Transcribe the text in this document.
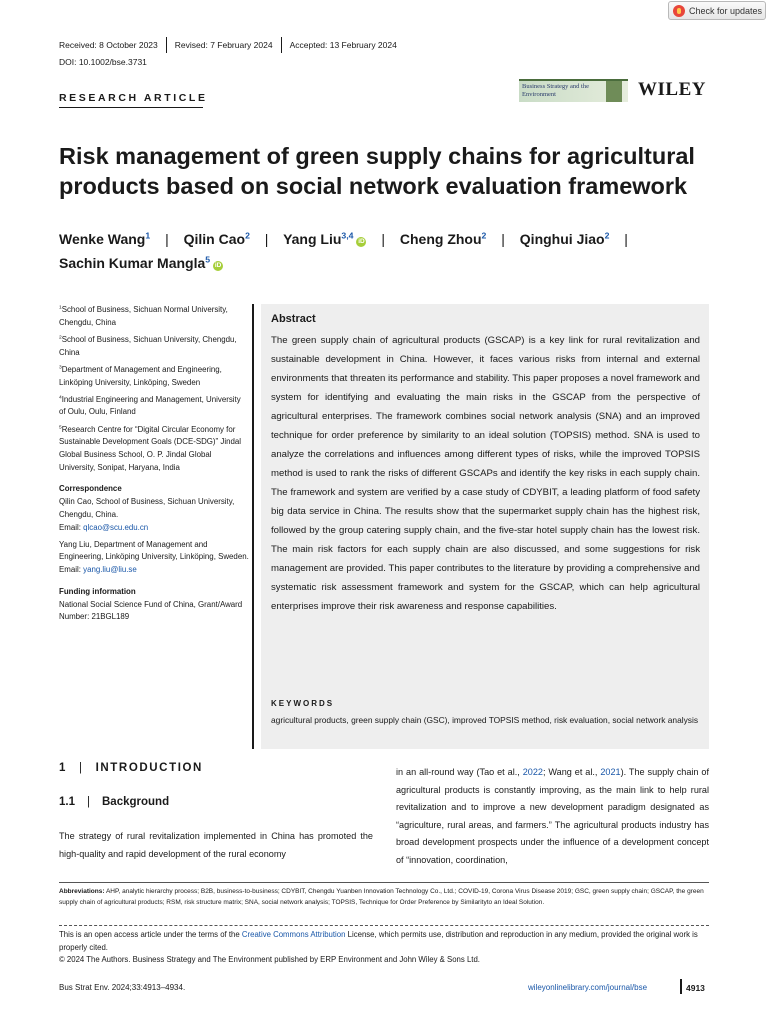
Check for updates
Received: 8 October 2023	Revised: 7 February 2024	Accepted: 13 February 2024
DOI: 10.1002/bse.3731
RESEARCH ARTICLE
Business Strategy and the Environment	WILEY
Risk management of green supply chains for agricultural products based on social network evaluation framework
Wenke Wang$^1$ | Qilin Cao$^2$ | Yang Liu$^{3,4}$iD | Cheng Zhou$^2$ | Qinghui Jiao$^2$ |
Sachin Kumar Mangla$^5$iD

$^1$School of Business, Sichuan Normal University, Chengdu, China

$^2$School of Business, Sichuan University, Chengdu, China

$^3$Department of Management and Engineering, Linköping University, Linköping, Sweden

$^4$Industrial Engineering and Management, University of Oulu, Oulu, Finland

$^5$Research Centre for “Digital Circular Economy for Sustainable Development Goals (DCE-SDG)” Jindal Global Business School, O. P. Jindal Global University, Sonipat, Haryana, India

Correspondence

Qilin Cao, School of Business, Sichuan University, Chengdu, China.
Email: qlcao@scu.edu.cn

Yang Liu, Department of Management and Engineering, Linköping University, Linköping, Sweden.
Email: yang.liu@liu.se

Funding information

National Social Science Fund of China, Grant/Award Number: 21BGL189

Abstract

The green supply chain of agricultural products (GSCAP) is a key link for rural revitalization and sustainable development in China. However, it faces various risks from internal and external environments that threaten its performance and stability. This paper proposes a novel framework and system for identifying and evaluating the main risks in the GSCAP from the perspective of agricultural enterprises. The framework combines social network analysis (SNA) and an improved technique for order preference by similarity to an ideal solution (TOPSIS) method. SNA is used to analyze the correlations and influences among different types of risks, while the improved TOPSIS method is used to rank the risks of different GSCAPs and identify the key risks in each supply chain. The framework and system are verified by a case study of CDYBIT, a leading platform of food safety big data service in China. The results show that the supermarket supply chain has the highest risk, followed by the group catering supply chain, and the five-star hotel supply chain has the lowest risk. The main risk factors for each supply chain are also discussed, and some suggestions for risk management are provided. This paper contributes to the literature by providing a comprehensive and systematic risk assessment framework and system for the GSCAP, which can help agricultural enterprises improve their risk awareness and response capabilities.

KEYWORDS

agricultural products, green supply chain (GSC), improved TOPSIS method, risk evaluation, social network analysis

1 | INTRODUCTION
1.1 | Background

The strategy of rural revitalization implemented in China has promoted the high-quality and rapid development of the rural economy

in an all-round way (Tao et al., 2022; Wang et al., 2021). The supply chain of agricultural products is constantly improving, as the main link to help rural revitalization and to improve a new development paradigm designated as “agriculture, rural areas, and farmers.” The agricultural products industry has broad development prospects under the influence of a development concept of “innovation, coordination,

Abbreviations: AHP, analytic hierarchy process; B2B, business-to-business; CDYBIT, Chengdu Yuanben Innovation Technology Co., Ltd.; COVID-19, Corona Virus Disease 2019; GSC, green supply chain; GSCAP, the green supply chain of agricultural products; RSM, risk structure matrix; SNA, social network analysis; TOPSIS, Technique for Order Preference by Similarityto an Ideal Solution.

This is an open access article under the terms of the Creative Commons Attribution License, which permits use, distribution and reproduction in any medium, provided the original work is properly cited.
© 2024 The Authors. Business Strategy and The Environment published by ERP Environment and John Wiley & Sons Ltd.

Bus Strat Env. 2024;33:4913–4934.	wileyonlinelibrary.com/journal/bse	4913
